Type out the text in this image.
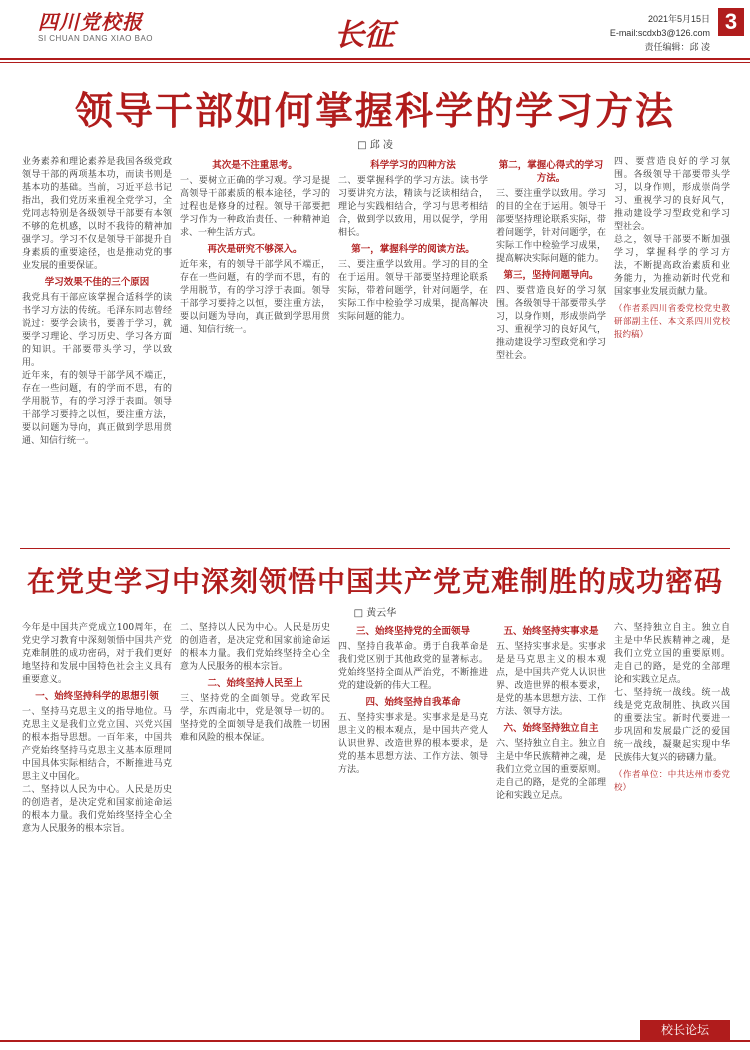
四川党校报
SI CHUAN DANG XIAO BAO	长征	2021年5月15日
E-mail:scdxb3@126.com
责任编辑：邱 凌
3
领导干部如何掌握科学的学习方法
□ 邱 凌

业务素养和理论素养是我国各级党政领导干部的两项基本功，而读书则是基本功的基础。当前，习近平总书记指出，我们党历来重视全党学习，全党同志特别是各级领导干部要有本领不够的危机感，以时不我待的精神加强学习。学习不仅是领导干部提升自身素质的重要途径，也是推动党的事业发展的重要保证。

学习效果不佳的三个原因

我党具有干部应该掌握合适科学的读书学习方法的传统。毛泽东同志曾经说过：要学会读书，要善于学习，就要学习理论、学习历史、学习各方面的知识。干部要带头学习，学以致用。

近年来，有的领导干部学风不端正，存在一些问题，有的学而不思，有的学用脱节，有的学习浮于表面。领导干部学习要持之以恒，要注重方法，要以问题为导向，真正做到学思用贯通、知信行统一。

其次是不注重思考。

一、要树立正确的学习观。学习是提高领导干部素质的根本途径，学习的过程也是修身的过程。领导干部要把学习作为一种政治责任、一种精神追求、一种生活方式。

再次是研究不够深入。

近年来，有的领导干部学风不端正，存在一些问题，有的学而不思，有的学用脱节，有的学习浮于表面。领导干部学习要持之以恒，要注重方法，要以问题为导向，真正做到学思用贯通、知信行统一。

科学学习的四种方法

二、要掌握科学的学习方法。读书学习要讲究方法，精读与泛读相结合，理论与实践相结合，学习与思考相结合，做到学以致用，用以促学，学用相长。

第一，掌握科学的阅读方法。

三、要注重学以致用。学习的目的全在于运用。领导干部要坚持理论联系实际，带着问题学，针对问题学，在实际工作中检验学习成果，提高解决实际问题的能力。

第二，掌握心得式的学习方法。

三、要注重学以致用。学习的目的全在于运用。领导干部要坚持理论联系实际，带着问题学，针对问题学，在实际工作中检验学习成果，提高解决实际问题的能力。

第三，坚持问题导向。

四、要营造良好的学习氛围。各级领导干部要带头学习，以身作则，形成崇尚学习、重视学习的良好风气，推动建设学习型政党和学习型社会。

四、要营造良好的学习氛围。各级领导干部要带头学习，以身作则，形成崇尚学习、重视学习的良好风气，推动建设学习型政党和学习型社会。

总之，领导干部要不断加强学习，掌握科学的学习方法，不断提高政治素质和业务能力，为推动新时代党和国家事业发展贡献力量。

（作者系四川省委党校党史教研部副主任、本文系四川党校报约稿）

在党史学习中深刻领悟中国共产党克难制胜的成功密码
□ 黄云华

今年是中国共产党成立100周年，在党史学习教育中深刻领悟中国共产党克难制胜的成功密码，对于我们更好地坚持和发展中国特色社会主义具有重要意义。

一、始终坚持科学的思想引领

一、坚持马克思主义的指导地位。马克思主义是我们立党立国、兴党兴国的根本指导思想。一百年来，中国共产党始终坚持马克思主义基本原理同中国具体实际相结合，不断推进马克思主义中国化。

二、坚持以人民为中心。人民是历史的创造者，是决定党和国家前途命运的根本力量。我们党始终坚持全心全意为人民服务的根本宗旨。

二、坚持以人民为中心。人民是历史的创造者，是决定党和国家前途命运的根本力量。我们党始终坚持全心全意为人民服务的根本宗旨。

二、始终坚持人民至上

三、坚持党的全面领导。党政军民学，东西南北中，党是领导一切的。坚持党的全面领导是我们战胜一切困难和风险的根本保证。

三、始终坚持党的全面领导

四、坚持自我革命。勇于自我革命是我们党区别于其他政党的显著标志。党始终坚持全面从严治党，不断推进党的建设新的伟大工程。

四、始终坚持自我革命

五、坚持实事求是。实事求是是马克思主义的根本观点，是中国共产党人认识世界、改造世界的根本要求，是党的基本思想方法、工作方法、领导方法。

五、始终坚持实事求是

五、坚持实事求是。实事求是是马克思主义的根本观点，是中国共产党人认识世界、改造世界的根本要求，是党的基本思想方法、工作方法、领导方法。

六、始终坚持独立自主

六、坚持独立自主。独立自主是中华民族精神之魂，是我们立党立国的重要原则。走自己的路，是党的全部理论和实践立足点。

六、坚持独立自主。独立自主是中华民族精神之魂，是我们立党立国的重要原则。走自己的路，是党的全部理论和实践立足点。

七、坚持统一战线。统一战线是党克敌制胜、执政兴国的重要法宝。新时代要进一步巩固和发展最广泛的爱国统一战线，凝聚起实现中华民族伟大复兴的磅礴力量。

（作者单位：中共达州市委党校）

校长论坛
